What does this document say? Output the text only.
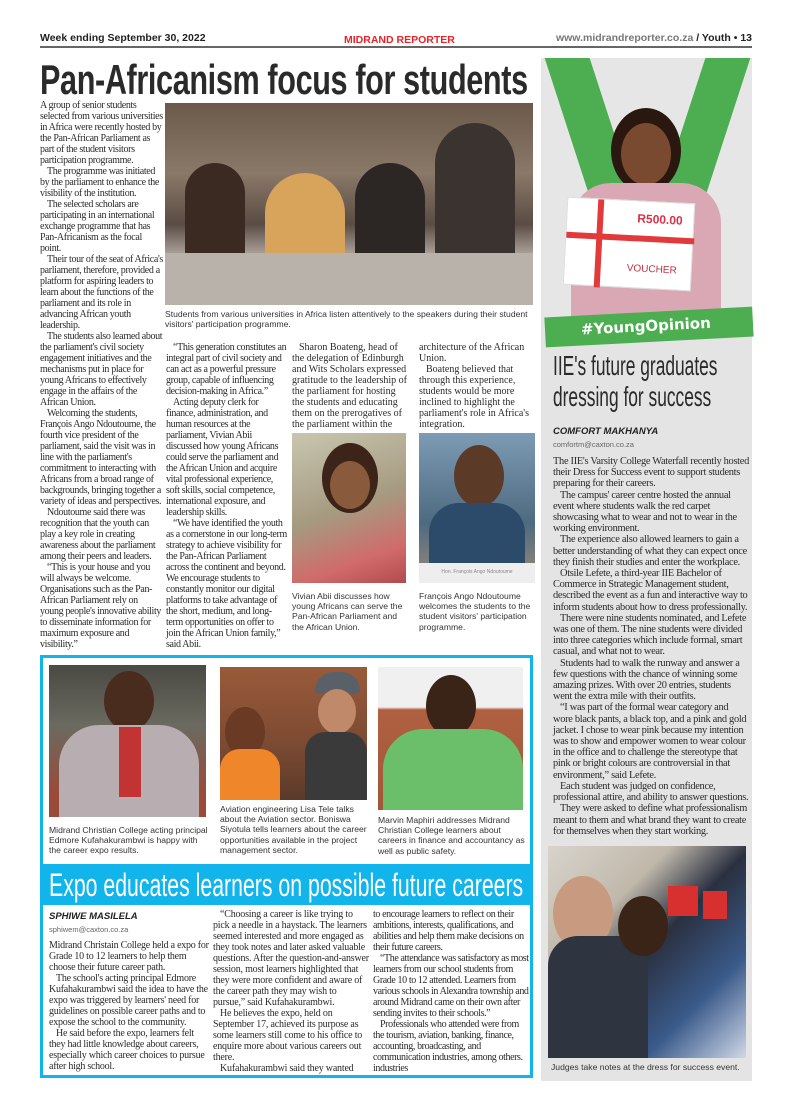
Week ending September 30, 2022	MIDRAND REPORTER	www.midrandreporter.co.za / Youth • 13
R500.00
VOUCHER
#YoungOpinion
IIE's future graduates dressing for success
COMFORT MAKHANYA
comfortm@caxton.co.za

The IIE's Varsity College Waterfall recently hosted their Dress for Success event to support students preparing for their careers.

The campus' career centre hosted the annual event where students walk the red carpet showcasing what to wear and not to wear in the working environment.

The experience also allowed learners to gain a better understanding of what they can expect once they finish their studies and enter the workplace.

Otsile Lefete, a third-year IIE Bachelor of Commerce in Strategic Management student, described the event as a fun and interactive way to inform students about how to dress professionally.

There were nine students nominated, and Lefete was one of them. The nine students were divided into three categories which include formal, smart casual, and what not to wear.

Students had to walk the runway and answer a few questions with the chance of winning some amazing prizes. With over 20 entries, students went the extra mile with their outfits.

“I was part of the formal wear category and wore black pants, a black top, and a pink and gold jacket. I chose to wear pink because my intention was to show and empower women to wear colour in the office and to challenge the stereotype that pink or bright colours are controversial in that environment,” said Lefete.

Each student was judged on confidence, professional attire, and ability to answer questions.

They were asked to define what professionalism meant to them and what brand they want to create for themselves when they start working.

Judges take notes at the dress for success event.
Pan-Africanism focus for students
Students from various universities in Africa listen attentively to the speakers during their student visitors' participation programme.
Vivian Abii discusses how young Africans can serve the Pan-African Parliament and the African Union.
Hon. François Ango Ndoutoume
François Ango Ndoutoume welcomes the students to the student visitors' participation programme.

A group of senior students selected from various universities in Africa were recently hosted by the Pan-African Parliament as part of the student visitors participation programme.

The programme was initiated by the parliament to enhance the visibility of the institution.

The selected scholars are participating in an international exchange programme that has Pan-Africanism as the focal point.

Their tour of the seat of Africa's parliament, therefore, provided a platform for aspiring leaders to learn about the functions of the parliament and its role in advancing African youth leadership.

The students also learned about the parliament's civil society engagement initiatives and the mechanisms put in place for young Africans to effectively engage in the affairs of the African Union.

Welcoming the students, François Ango Ndoutoume, the fourth vice president of the parliament, said the visit was in line with the parliament's commitment to interacting with Africans from a broad range of backgrounds, bringing together a variety of ideas and perspectives.

Ndoutoume said there was recognition that the youth can play a key role in creating awareness about the parliament among their peers and leaders.

“This is your house and you will always be welcome. Organisations such as the Pan-African Parliament rely on young people's innovative ability to disseminate information for maximum exposure and visibility.”

“This generation constitutes an integral part of civil society and can act as a powerful pressure group, capable of influencing decision-making in Africa.”

Acting deputy clerk for finance, administration, and human resources at the parliament, Vivian Abii discussed how young Africans could serve the parliament and the African Union and acquire vital professional experience, soft skills, social competence, international exposure, and leadership skills.

“We have identified the youth as a cornerstone in our long-term strategy to achieve visibility for the Pan-African Parliament across the continent and beyond. We encourage students to constantly monitor our digital platforms to take advantage of the short, medium, and long-term opportunities on offer to join the African Union family,” said Abii.

Sharon Boateng, head of the delegation of Edinburgh and Wits Scholars expressed gratitude to the leadership of the parliament for hosting the students and educating them on the prerogatives of the parliament within the

architecture of the African Union.

Boateng believed that through this experience, students would be more inclined to highlight the parliament's role in Africa's integration.

Midrand Christian College acting principal Edmore Kufahakurambwi is happy with the career expo results.
Aviation engineering Lisa Tele talks about the Aviation sector. Boniswa Siyotula tells learners about the career opportunities available in the project management sector.
Marvin Maphiri addresses Midrand Christian College learners about careers in finance and accountancy as well as public safety.
Expo educates learners on possible future careers
SPHIWE MASILELA
sphiwem@caxton.co.za

Midrand Christain College held a expo for Grade 10 to 12 learners to help them choose their future career path.

The school's acting principal Edmore Kufahakurambwi said the idea to have the expo was triggered by learners' need for guidelines on possible career paths and to expose the school to the community.

He said before the expo, learners felt they had little knowledge about careers, especially which career choices to pursue after high school.

“Choosing a career is like trying to pick a needle in a haystack. The learners seemed interested and more engaged as they took notes and later asked valuable questions. After the question-and-answer session, most learners highlighted that they were more confident and aware of the career path they may wish to pursue,” said Kufahakurambwi.

He believes the expo, held on September 17, achieved its purpose as some learners still come to his office to enquire more about various careers out there.

Kufahakurambwi said they wanted

to encourage learners to reflect on their ambitions, interests, qualifications, and abilities and help them make decisions on their future careers.

“The attendance was satisfactory as most learners from our school students from Grade 10 to 12 attended. Learners from various schools in Alexandra township and around Midrand came on their own after sending invites to their schools.”

Professionals who attended were from the tourism, aviation, banking, finance, accounting, broadcasting, and communication industries, among others. industries
